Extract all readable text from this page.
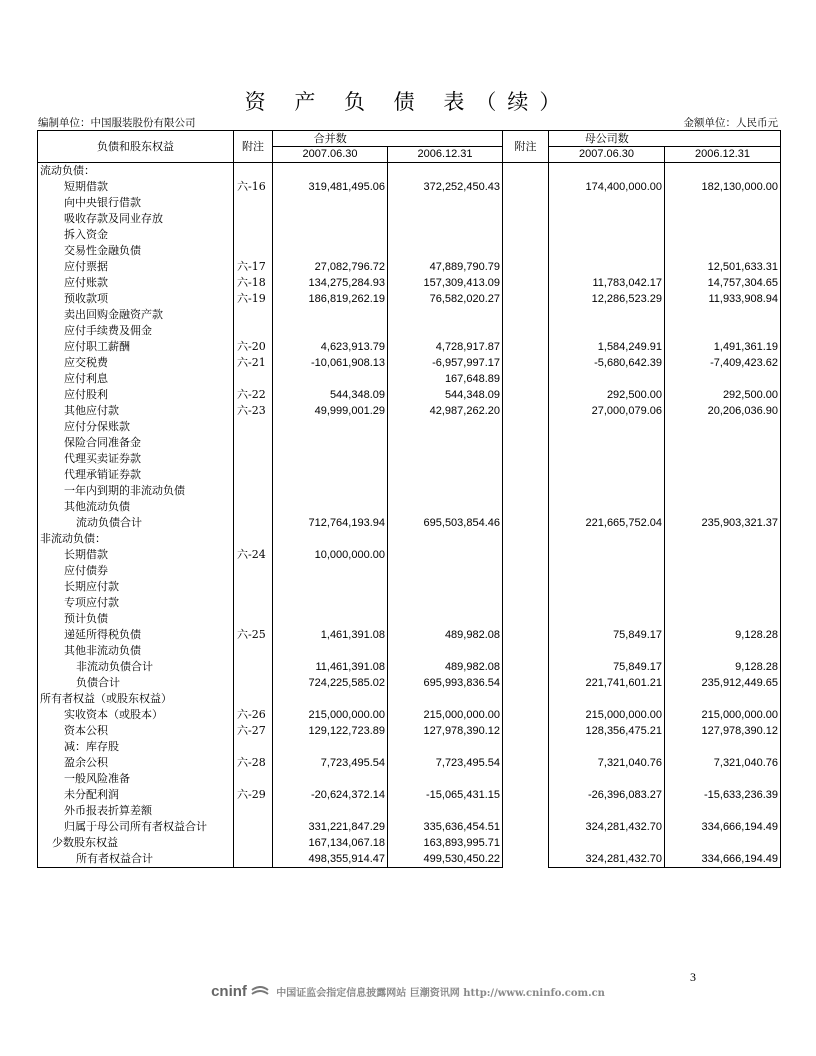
资 产 负 债 表（续）
编制单位：中国服装股份有限公司	金额单位：人民币元
负债和股东权益	附注	合并数		附注	母公司数	
		2007.06.30	2006.12.31		2007.06.30	2006.12.31
流动负债：						
短期借款	六-16	319,481,495.06	372,252,450.43		174,400,000.00	182,130,000.00
向中央银行借款						
吸收存款及同业存放						
拆入资金						
交易性金融负债						
应付票据	六-17	27,082,796.72	47,889,790.79			12,501,633.31
应付账款	六-18	134,275,284.93	157,309,413.09		11,783,042.17	14,757,304.65
预收款项	六-19	186,819,262.19	76,582,020.27		12,286,523.29	11,933,908.94
卖出回购金融资产款						
应付手续费及佣金						
应付职工薪酬	六-20	4,623,913.79	4,728,917.87		1,584,249.91	1,491,361.19
应交税费	六-21	-10,061,908.13	-6,957,997.17		-5,680,642.39	-7,409,423.62
应付利息			167,648.89			
应付股利	六-22	544,348.09	544,348.09		292,500.00	292,500.00
其他应付款	六-23	49,999,001.29	42,987,262.20		27,000,079.06	20,206,036.90
应付分保账款						
保险合同准备金						
代理买卖证券款						
代理承销证券款						
一年内到期的非流动负债						
其他流动负债						
流动负债合计		712,764,193.94	695,503,854.46		221,665,752.04	235,903,321.37
非流动负债：						
长期借款	六-24	10,000,000.00				
应付债券						
长期应付款						
专项应付款						
预计负债						
递延所得税负债	六-25	1,461,391.08	489,982.08		75,849.17	9,128.28
其他非流动负债						
非流动负债合计		11,461,391.08	489,982.08		75,849.17	9,128.28
负债合计		724,225,585.02	695,993,836.54		221,741,601.21	235,912,449.65
所有者权益（或股东权益）						
实收资本（或股本）	六-26	215,000,000.00	215,000,000.00		215,000,000.00	215,000,000.00
资本公积	六-27	129,122,723.89	127,978,390.12		128,356,475.21	127,978,390.12
减：库存股						
盈余公积	六-28	7,723,495.54	7,723,495.54		7,321,040.76	7,321,040.76
一般风险准备						
未分配利润	六-29	-20,624,372.14	-15,065,431.15		-26,396,083.27	-15,633,236.39
外币报表折算差额						
归属于母公司所有者权益合计		331,221,847.29	335,636,454.51		324,281,432.70	334,666,194.49
少数股东权益		167,134,067.18	163,893,995.71			
所有者权益合计		498,355,914.47	499,530,450.22		324,281,432.70	334,666,194.49
3
cninf	中国证监会指定信息披露网站 巨潮资讯网 http://www.cninfo.com.cn
